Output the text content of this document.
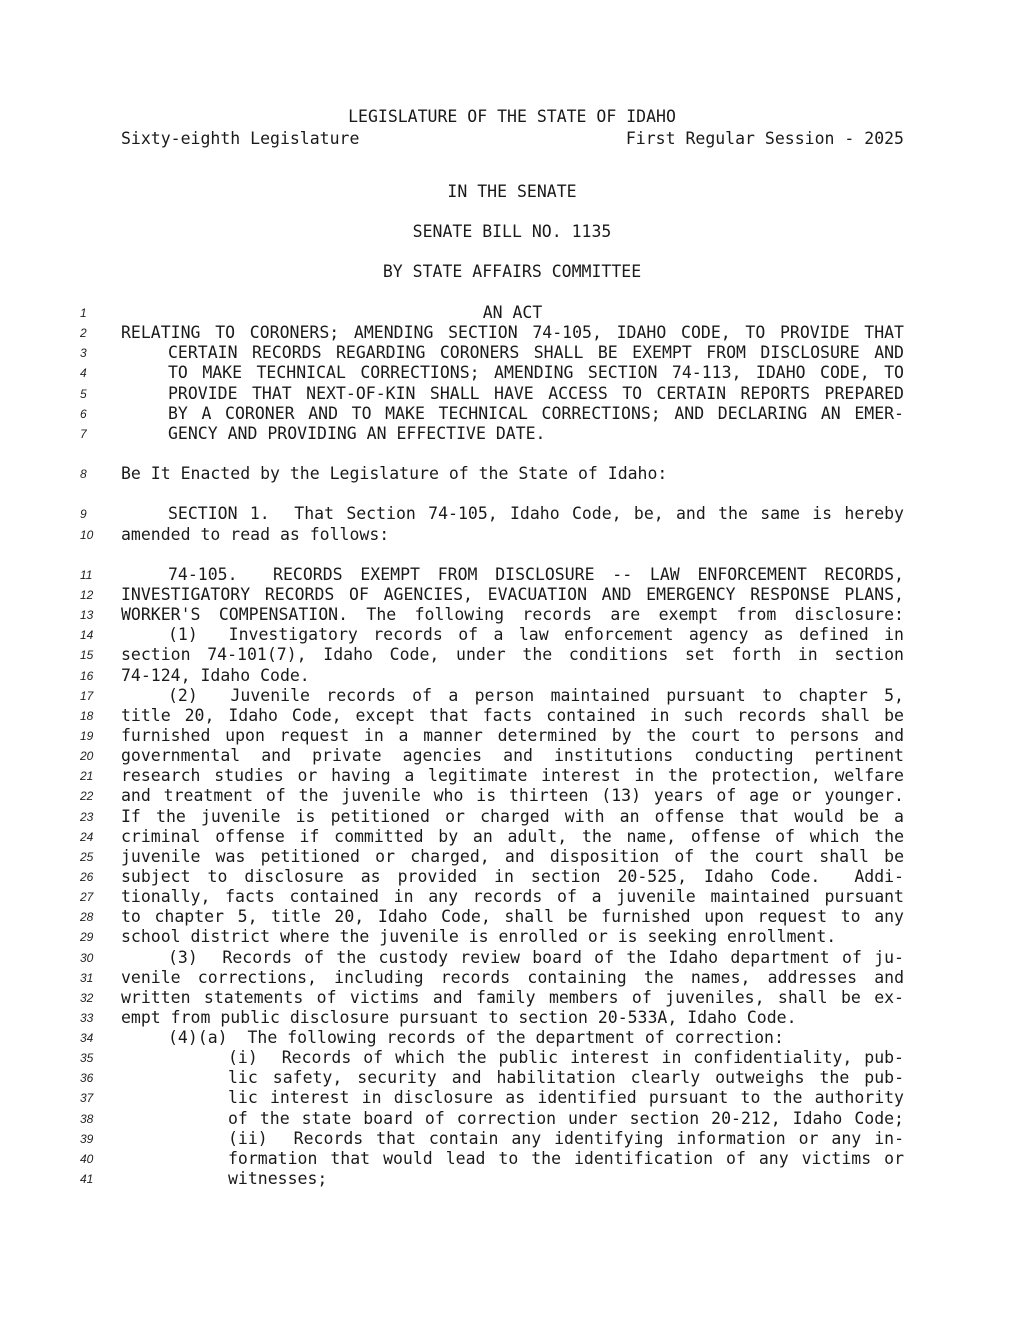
LEGISLATURE OF THE STATE OF IDAHO
Sixty-eighth Legislature	First Regular Session - 2025
IN THE SENATE
SENATE BILL NO. 1135
BY STATE AFFAIRS COMMITTEE
1	AN ACT
2	RELATING TO CORONERS; AMENDING SECTION 74-105, IDAHO CODE, TO PROVIDE THAT
3	CERTAIN RECORDS REGARDING CORONERS SHALL BE EXEMPT FROM DISCLOSURE AND
4	TO MAKE TECHNICAL CORRECTIONS; AMENDING SECTION 74-113, IDAHO CODE, TO
5	PROVIDE THAT NEXT-OF-KIN SHALL HAVE ACCESS TO CERTAIN REPORTS PREPARED
6	BY A CORONER AND TO MAKE TECHNICAL CORRECTIONS; AND DECLARING AN EMER-
7	GENCY AND PROVIDING AN EFFECTIVE DATE.
8	Be It Enacted by the Legislature of the State of Idaho:
9	SECTION 1.  That Section 74-105, Idaho Code, be, and the same is hereby
10	amended to read as follows:
11	74-105.  RECORDS EXEMPT FROM DISCLOSURE -- LAW ENFORCEMENT RECORDS,
12	INVESTIGATORY RECORDS OF AGENCIES, EVACUATION AND EMERGENCY RESPONSE PLANS,
13	WORKER'S COMPENSATION. The following records are exempt from disclosure:
14	(1)  Investigatory records of a law enforcement agency as defined in
15	section 74-101(7), Idaho Code, under the conditions set forth in section
16	74-124, Idaho Code.
17	(2)  Juvenile records of a person maintained pursuant to chapter 5,
18	title 20, Idaho Code, except that facts contained in such records shall be
19	furnished upon request in a manner determined by the court to persons and
20	governmental and private agencies and institutions conducting pertinent
21	research studies or having a legitimate interest in the protection, welfare
22	and treatment of the juvenile who is thirteen (13) years of age or younger.
23	If the juvenile is petitioned or charged with an offense that would be a
24	criminal offense if committed by an adult, the name, offense of which the
25	juvenile was petitioned or charged, and disposition of the court shall be
26	subject to disclosure as provided in section 20-525, Idaho Code.  Addi-
27	tionally, facts contained in any records of a juvenile maintained pursuant
28	to chapter 5, title 20, Idaho Code, shall be furnished upon request to any
29	school district where the juvenile is enrolled or is seeking enrollment.
30	(3)  Records of the custody review board of the Idaho department of ju-
31	venile corrections, including records containing the names, addresses and
32	written statements of victims and family members of juveniles, shall be ex-
33	empt from public disclosure pursuant to section 20-533A, Idaho Code.
34	(4)(a)  The following records of the department of correction:
35	(i)  Records of which the public interest in confidentiality, pub-
36	lic safety, security and habilitation clearly outweighs the pub-
37	lic interest in disclosure as identified pursuant to the authority
38	of the state board of correction under section 20-212, Idaho Code;
39	(ii)  Records that contain any identifying information or any in-
40	formation that would lead to the identification of any victims or
41	witnesses;
